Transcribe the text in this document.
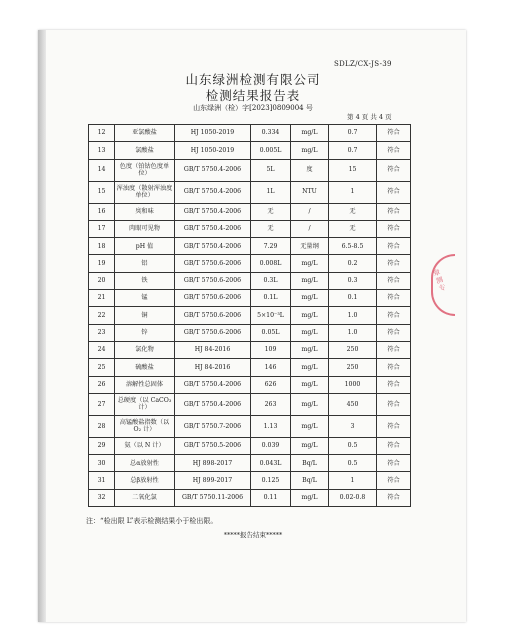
SDLZ/CX-JS-39
山东绿洲检测有限公司
检测结果报告表
山东绿洲（检）字[2023]0809004 号
第 4 页 共 4 页
12	亚氯酸盐	HJ 1050-2019	0.334	mg/L	0.7	符合
13	氯酸盐	HJ 1050-2019	0.005L	mg/L	0.7	符合
14	色度（铂钴色度单位）	GB/T 5750.4-2006	5L	度	15	符合
15	浑浊度（散射浑浊度单位）	GB/T 5750.4-2006	1L	NTU	1	符合
16	臭和味	GB/T 5750.4-2006	无	/	无	符合
17	肉眼可见物	GB/T 5750.4-2006	无	/	无	符合
18	pH 值	GB/T 5750.4-2006	7.29	无量纲	6.5-8.5	符合
19	铝	GB/T 5750.6-2006	0.008L	mg/L	0.2	符合
20	铁	GB/T 5750.6-2006	0.3L	mg/L	0.3	符合
21	锰	GB/T 5750.6-2006	0.1L	mg/L	0.1	符合
22	铜	GB/T 5750.6-2006	5×10⁻³L	mg/L	1.0	符合
23	锌	GB/T 5750.6-2006	0.05L	mg/L	1.0	符合
24	氯化物	HJ 84-2016	109	mg/L	250	符合
25	硫酸盐	HJ 84-2016	146	mg/L	250	符合
26	溶解性总固体	GB/T 5750.4-2006	626	mg/L	1000	符合
27	总硬度（以 CaCO₃ 计）	GB/T 5750.4-2006	263	mg/L	450	符合
28	高锰酸盐指数（以 O₂ 计）	GB/T 5750.7-2006	1.13	mg/L	3	符合
29	氨（以 N 计）	GB/T 5750.5-2006	0.039	mg/L	0.5	符合
30	总α放射性	HJ 898-2017	0.043L	Bq/L	0.5	符合
31	总β放射性	HJ 899-2017	0.125	Bq/L	1	符合
32	二氧化氯	GB/T 5750.11-2006	0.11	mg/L	0.02-0.8	符合
注：“检出限 L”表示检测结果小于检出限。
*****报告结束*****
章
测
专
